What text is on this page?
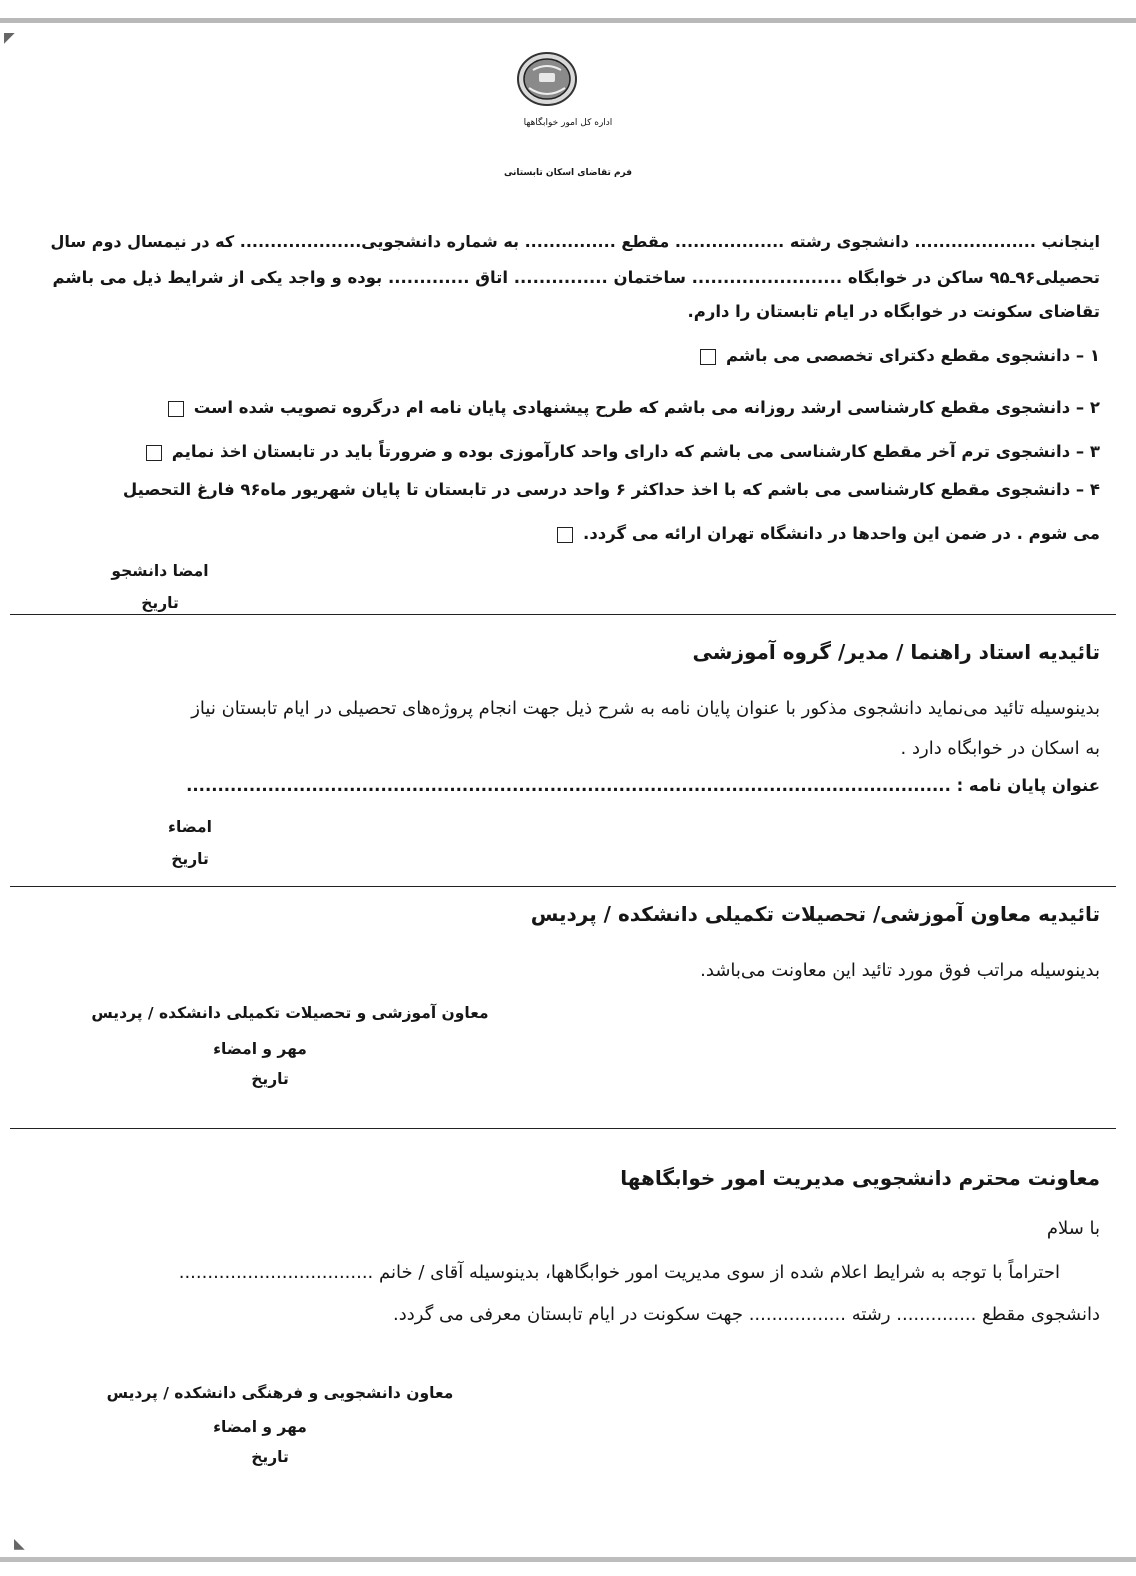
◤
◣
اداره کل امور خوابگاهها
فرم تقاضای اسکان تابستانی
اینجانب .................... دانشجوی رشته .................. مقطع ............... به شماره دانشجویی.................... که در نیمسال دوم سال
تحصیلی۹۶ـ۹۵ ساکن در خوابگاه ........................ ساختمان ............... اتاق ............. بوده و واجد یکی از شرایط ذیل می باشم
تقاضای سکونت در خوابگاه در ایام تابستان را دارم.
۱ – دانشجوی مقطع دکترای تخصصی می باشم
۲ – دانشجوی مقطع کارشناسی ارشد روزانه می باشم که طرح پیشنهادی پایان نامه ام درگروه تصویب شده است
۳ – دانشجوی ترم آخر مقطع کارشناسی می باشم که دارای واحد کارآموزی بوده و ضرورتاً باید در تابستان اخذ نمایم
۴ – دانشجوی مقطع کارشناسی می باشم که با اخذ حداکثر ۶ واحد درسی در تابستان تا پایان شهریور ماه۹۶ فارغ التحصیل
می شوم . در ضمن این واحدها در دانشگاه تهران ارائه می گردد.
امضا دانشجو
تاریخ
تائیدیه استاد راهنما / مدیر/ گروه آموزشی
بدینوسیله تائید می‌نماید دانشجوی مذکور با عنوان پایان نامه به شرح ذیل جهت انجام پروژه‌های تحصیلی در ایام تابستان نیاز
به اسکان در خوابگاه دارد .
عنوان پایان نامه : ..........................................................................................................................
امضاء
تاریخ
تائیدیه معاون آموزشی/ تحصیلات تکمیلی دانشکده / پردیس
بدینوسیله مراتب فوق مورد تائید این معاونت می‌باشد.
معاون آموزشی و تحصیلات تکمیلی دانشکده / پردیس
مهر و امضاء
تاریخ
معاونت محترم دانشجویی مدیریت امور خوابگاهها
با سلام
احتراماً با توجه به شرایط اعلام شده از سوی مدیریت امور خوابگاهها، بدینوسیله آقای / خانم ..................................
دانشجوی مقطع .............. رشته ................. جهت سکونت در ایام تابستان معرفی می گردد.
معاون دانشجویی و فرهنگی دانشکده / پردیس
مهر و امضاء
تاریخ
